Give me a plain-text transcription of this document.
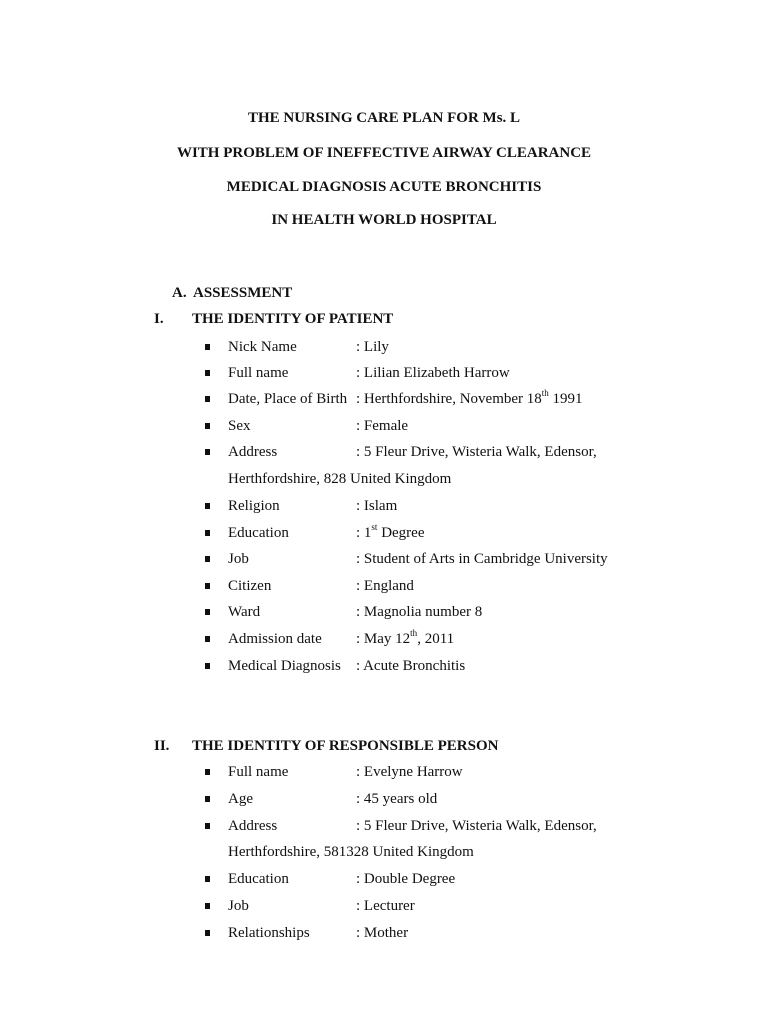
THE NURSING CARE PLAN FOR Ms. L
WITH PROBLEM OF INEFFECTIVE AIRWAY CLEARANCE
MEDICAL DIAGNOSIS ACUTE BRONCHITIS
IN HEALTH WORLD HOSPITAL
A. ASSESSMENT
I. THE IDENTITY OF PATIENT
Nick Name	: Lily
Full name	: Lilian Elizabeth Harrow
Date, Place of Birth : Herthfordshire, November 18th 1991
Sex	: Female
Address	: 5 Fleur Drive, Wisteria Walk, Edensor,
Herthfordshire, 828 United Kingdom
Religion	: Islam
Education	: 1st Degree
Job	: Student of Arts in Cambridge University
Citizen	: England
Ward	: Magnolia number 8
Admission date : May 12th, 2011
Medical Diagnosis : Acute Bronchitis
II. THE IDENTITY OF RESPONSIBLE PERSON
Full name	: Evelyne Harrow
Age	: 45 years old
Address	: 5 Fleur Drive, Wisteria Walk, Edensor,
Herthfordshire, 581328 United Kingdom
Education	: Double Degree
Job	: Lecturer
Relationships	: Mother
